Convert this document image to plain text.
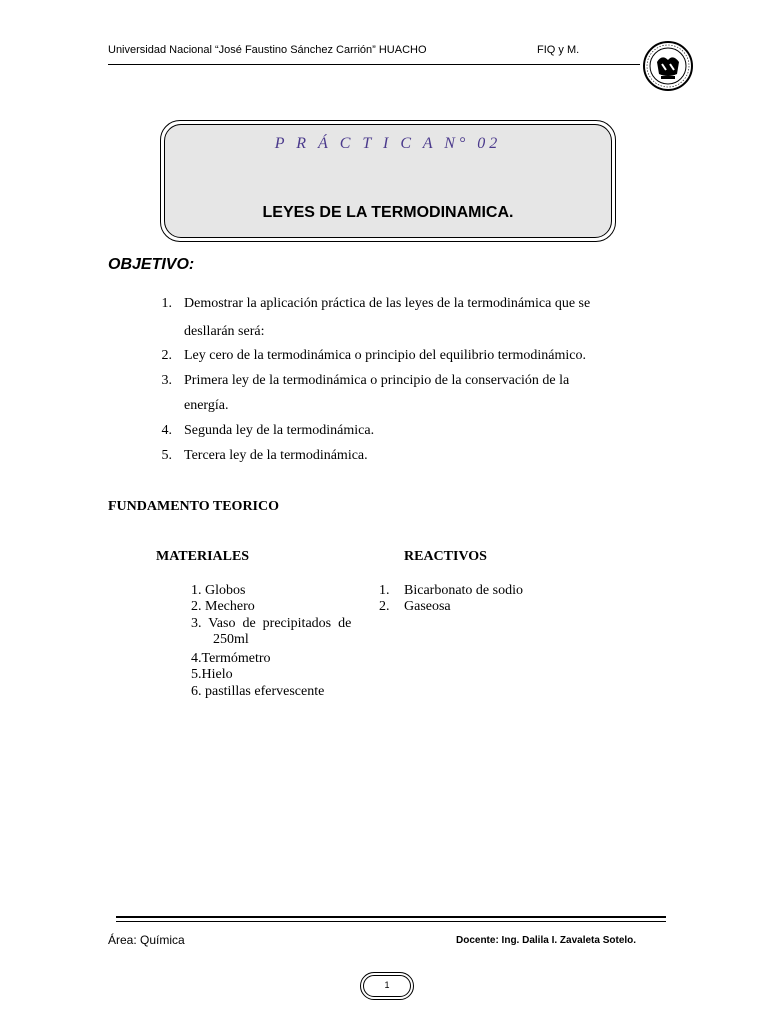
Universidad Nacional “José Faustino Sánchez Carrión” HUACHO	FIQ y M.
P R Á C T I C A N° 02
LEYES DE LA TERMODINAMICA.
OBJETIVO:
1. Demostrar la aplicación práctica de las leyes de la termodinámica que se
desllarán será:
2. Ley cero de la termodinámica o principio del equilibrio termodinámico.
3. Primera ley de la termodinámica o principio de la conservación de la
energía.
4. Segunda ley de la termodinámica.
5. Tercera ley de la termodinámica.
FUNDAMENTO TEORICO
MATERIALES	REACTIVOS
1. Globos
2. Mechero
3.  Vaso  de  precipitados  de
250ml
4.Termómetro
5.Hielo
6. pastillas efervescente
1. Bicarbonato de sodio
2. Gaseosa
Área: Química	Docente: Ing. Dalila I. Zavaleta Sotelo.
1
